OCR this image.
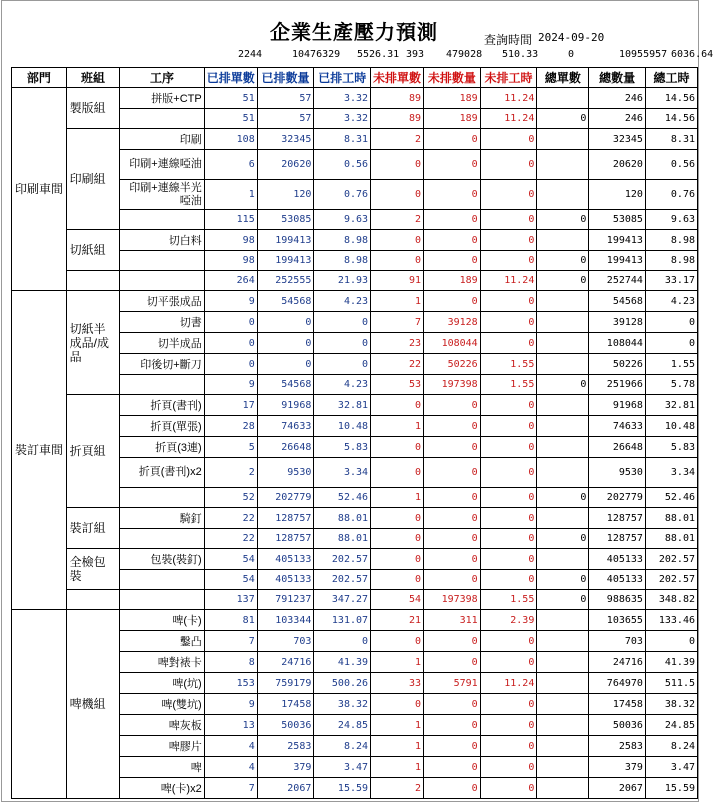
企業生產壓力預測	查詢時間 2024-09-20
2244	10476329 5526.31 393 479028 510.33	0	10955957 6036.64
部門	班組	工序	已排單數	已排數量	已排工時	未排單數	未排數量	未排工時	總單數	總數量	總工時
印刷車間	製版組	拼版+CTP	51	57	3.32	89	189	11.24		246	14.56
			51	57	3.32	89	189	11.24	0	246	14.56
	印刷組	印刷	108	32345	8.31	2	0	0		32345	8.31
		印刷+連線啞油	6	20620	0.56	0	0	0		20620	0.56
		印刷+連線半光啞油	1	120	0.76	0	0	0		120	0.76
			115	53085	9.63	2	0	0	0	53085	9.63
	切紙組	切白料	98	199413	8.98	0	0	0		199413	8.98
			98	199413	8.98	0	0	0	0	199413	8.98
			264	252555	21.93	91	189	11.24	0	252744	33.17
裝訂車間	切紙半成品/成品	切平張成品	9	54568	4.23	1	0	0		54568	4.23
		切書	0	0	0	7	39128	0		39128	0
		切半成品	0	0	0	23	108044	0		108044	0
		印後切+斷刀	0	0	0	22	50226	1.55		50226	1.55
			9	54568	4.23	53	197398	1.55	0	251966	5.78
	折頁組	折頁(書刊)	17	91968	32.81	0	0	0		91968	32.81
		折頁(單張)	28	74633	10.48	1	0	0		74633	10.48
		折頁(3連)	5	26648	5.83	0	0	0		26648	5.83
		折頁(書刊)x2	2	9530	3.34	0	0	0		9530	3.34
			52	202779	52.46	1	0	0	0	202779	52.46
	裝訂組	騎釘	22	128757	88.01	0	0	0		128757	88.01
			22	128757	88.01	0	0	0	0	128757	88.01
	全檢包裝	包裝(裝釘)	54	405133	202.57	0	0	0		405133	202.57
			54	405133	202.57	0	0	0	0	405133	202.57
			137	791237	347.27	54	197398	1.55	0	988635	348.82
	啤機組	啤(卡)	81	103344	131.07	21	311	2.39		103655	133.46
		鑿凸	7	703	0	0	0	0		703	0
		啤對裱卡	8	24716	41.39	1	0	0		24716	41.39
		啤(坑)	153	759179	500.26	33	5791	11.24		764970	511.5
		啤(雙坑)	9	17458	38.32	0	0	0		17458	38.32
		啤灰板	13	50036	24.85	1	0	0		50036	24.85
		啤膠片	4	2583	8.24	1	0	0		2583	8.24
		啤	4	379	3.47	1	0	0		379	3.47
		啤(卡)x2	7	2067	15.59	2	0	0		2067	15.59
